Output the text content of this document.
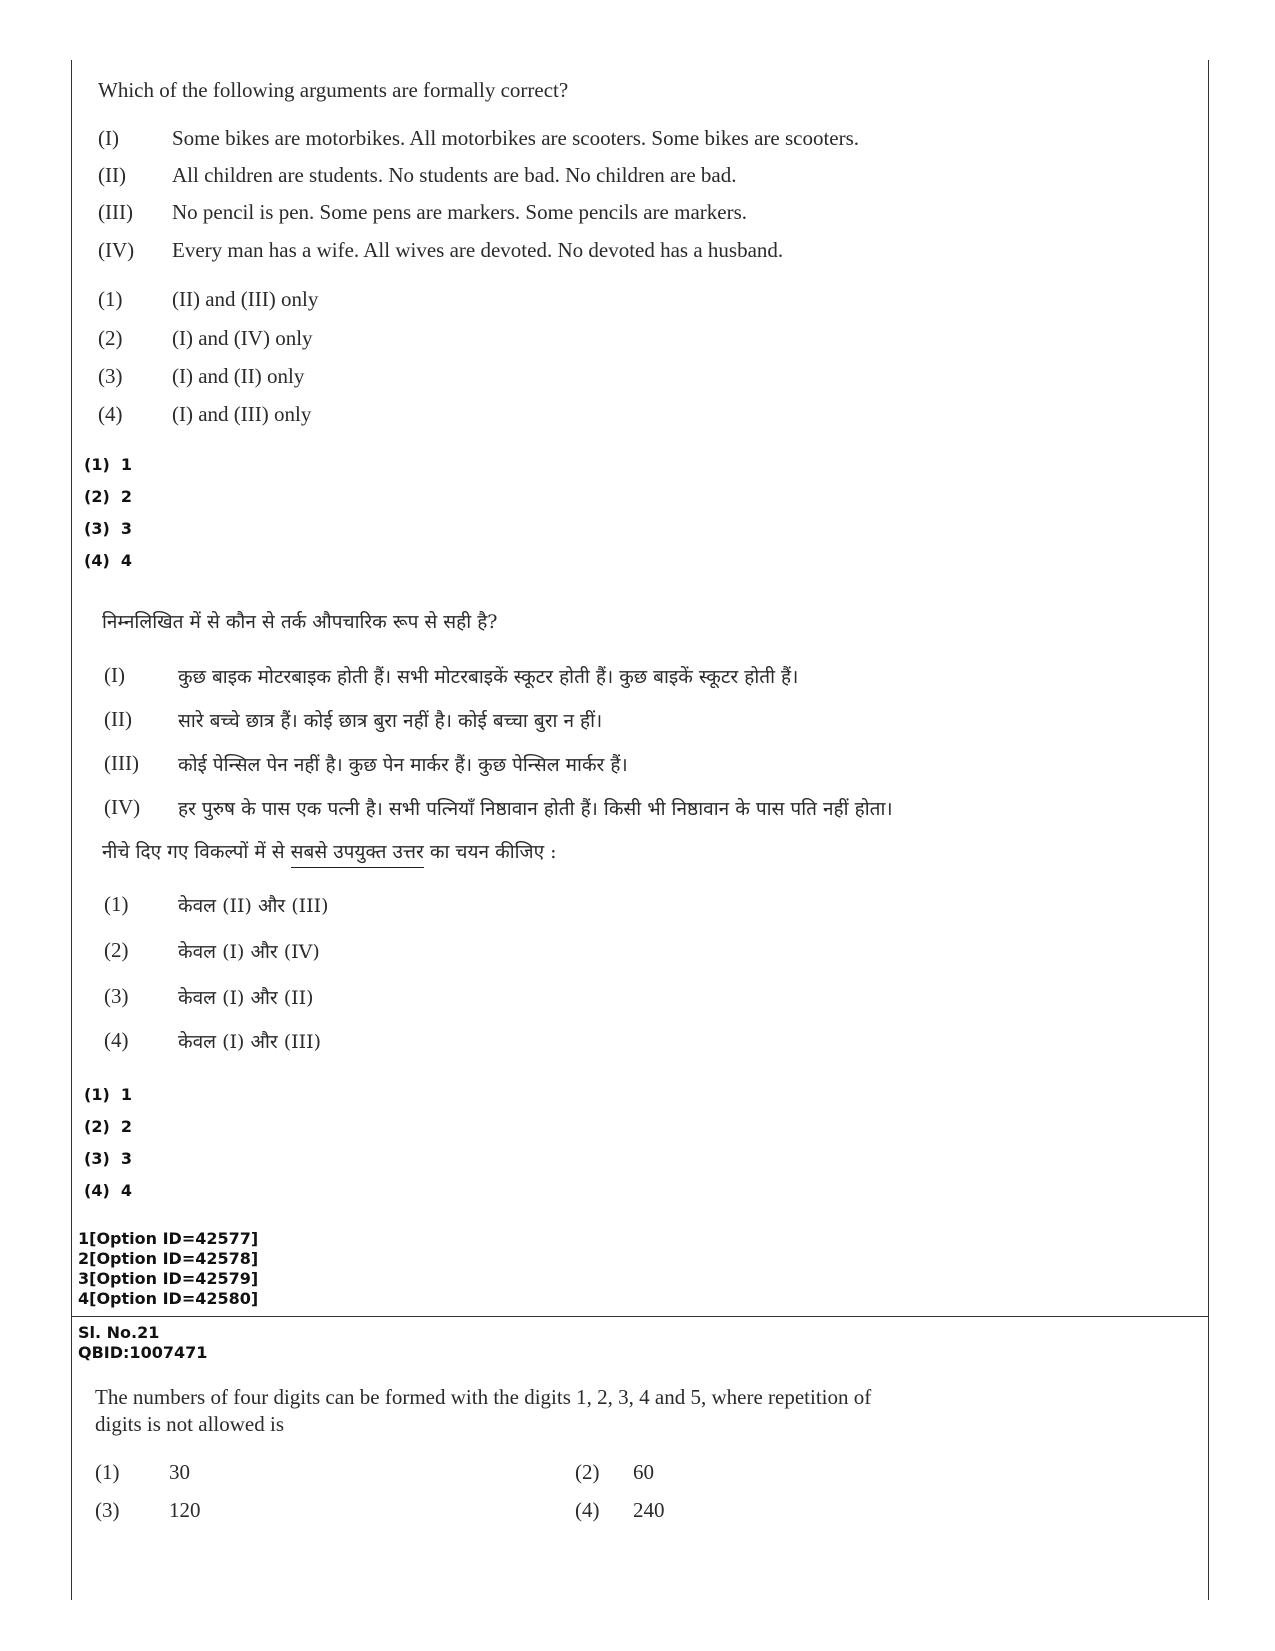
Which of the following arguments are formally correct?
(I)	Some bikes are motorbikes. All motorbikes are scooters. Some bikes are scooters.
(II) All children are students. No students are bad. No children are bad.
(III) No pencil is pen. Some pens are markers. Some pencils are markers.
(IV) Every man has a wife. All wives are devoted. No devoted has a husband.
(1) (II) and (III) only
(2) (I) and (IV) only
(3) (I) and (II) only
(4) (I) and (III) only
(1)  1
(2)  2
(3)  3
(4)  4
निम्नलिखित में से कौन से तर्क औपचारिक रूप से सही है?
(I)	कुछ बाइक मोटरबाइक होती हैं। सभी मोटरबाइकें स्कूटर होती हैं। कुछ बाइकें स्कूटर होती हैं।
(II) सारे बच्चे छात्र हैं। कोई छात्र बुरा नहीं है। कोई बच्चा बुरा न हीं।
(III) कोई पेन्सिल पेन नहीं है। कुछ पेन मार्कर हैं। कुछ पेन्सिल मार्कर हैं।
(IV) हर पुरुष के पास एक पत्नी है। सभी पत्नियाँ निष्ठावान होती हैं। किसी भी निष्ठावान के पास पति नहीं होता।
नीचे दिए गए विकल्पों में से सबसे उपयुक्त उत्तर का चयन कीजिए :
(1)	केवल (II) और (III)
(2)	केवल (I) और (IV)
(3)	केवल (I) और (II)
(4)	केवल (I) और (III)
(1)  1
(2)  2
(3)  3
(4)  4
1[Option ID=42577]
2[Option ID=42578]
3[Option ID=42579]
4[Option ID=42580]
Sl. No.21
QBID:1007471
The numbers of four digits can be formed with the digits 1, 2, 3, 4 and 5, where repetition of
digits is not allowed is
(1) 30	(2) 60
(3) 120	(4) 240
